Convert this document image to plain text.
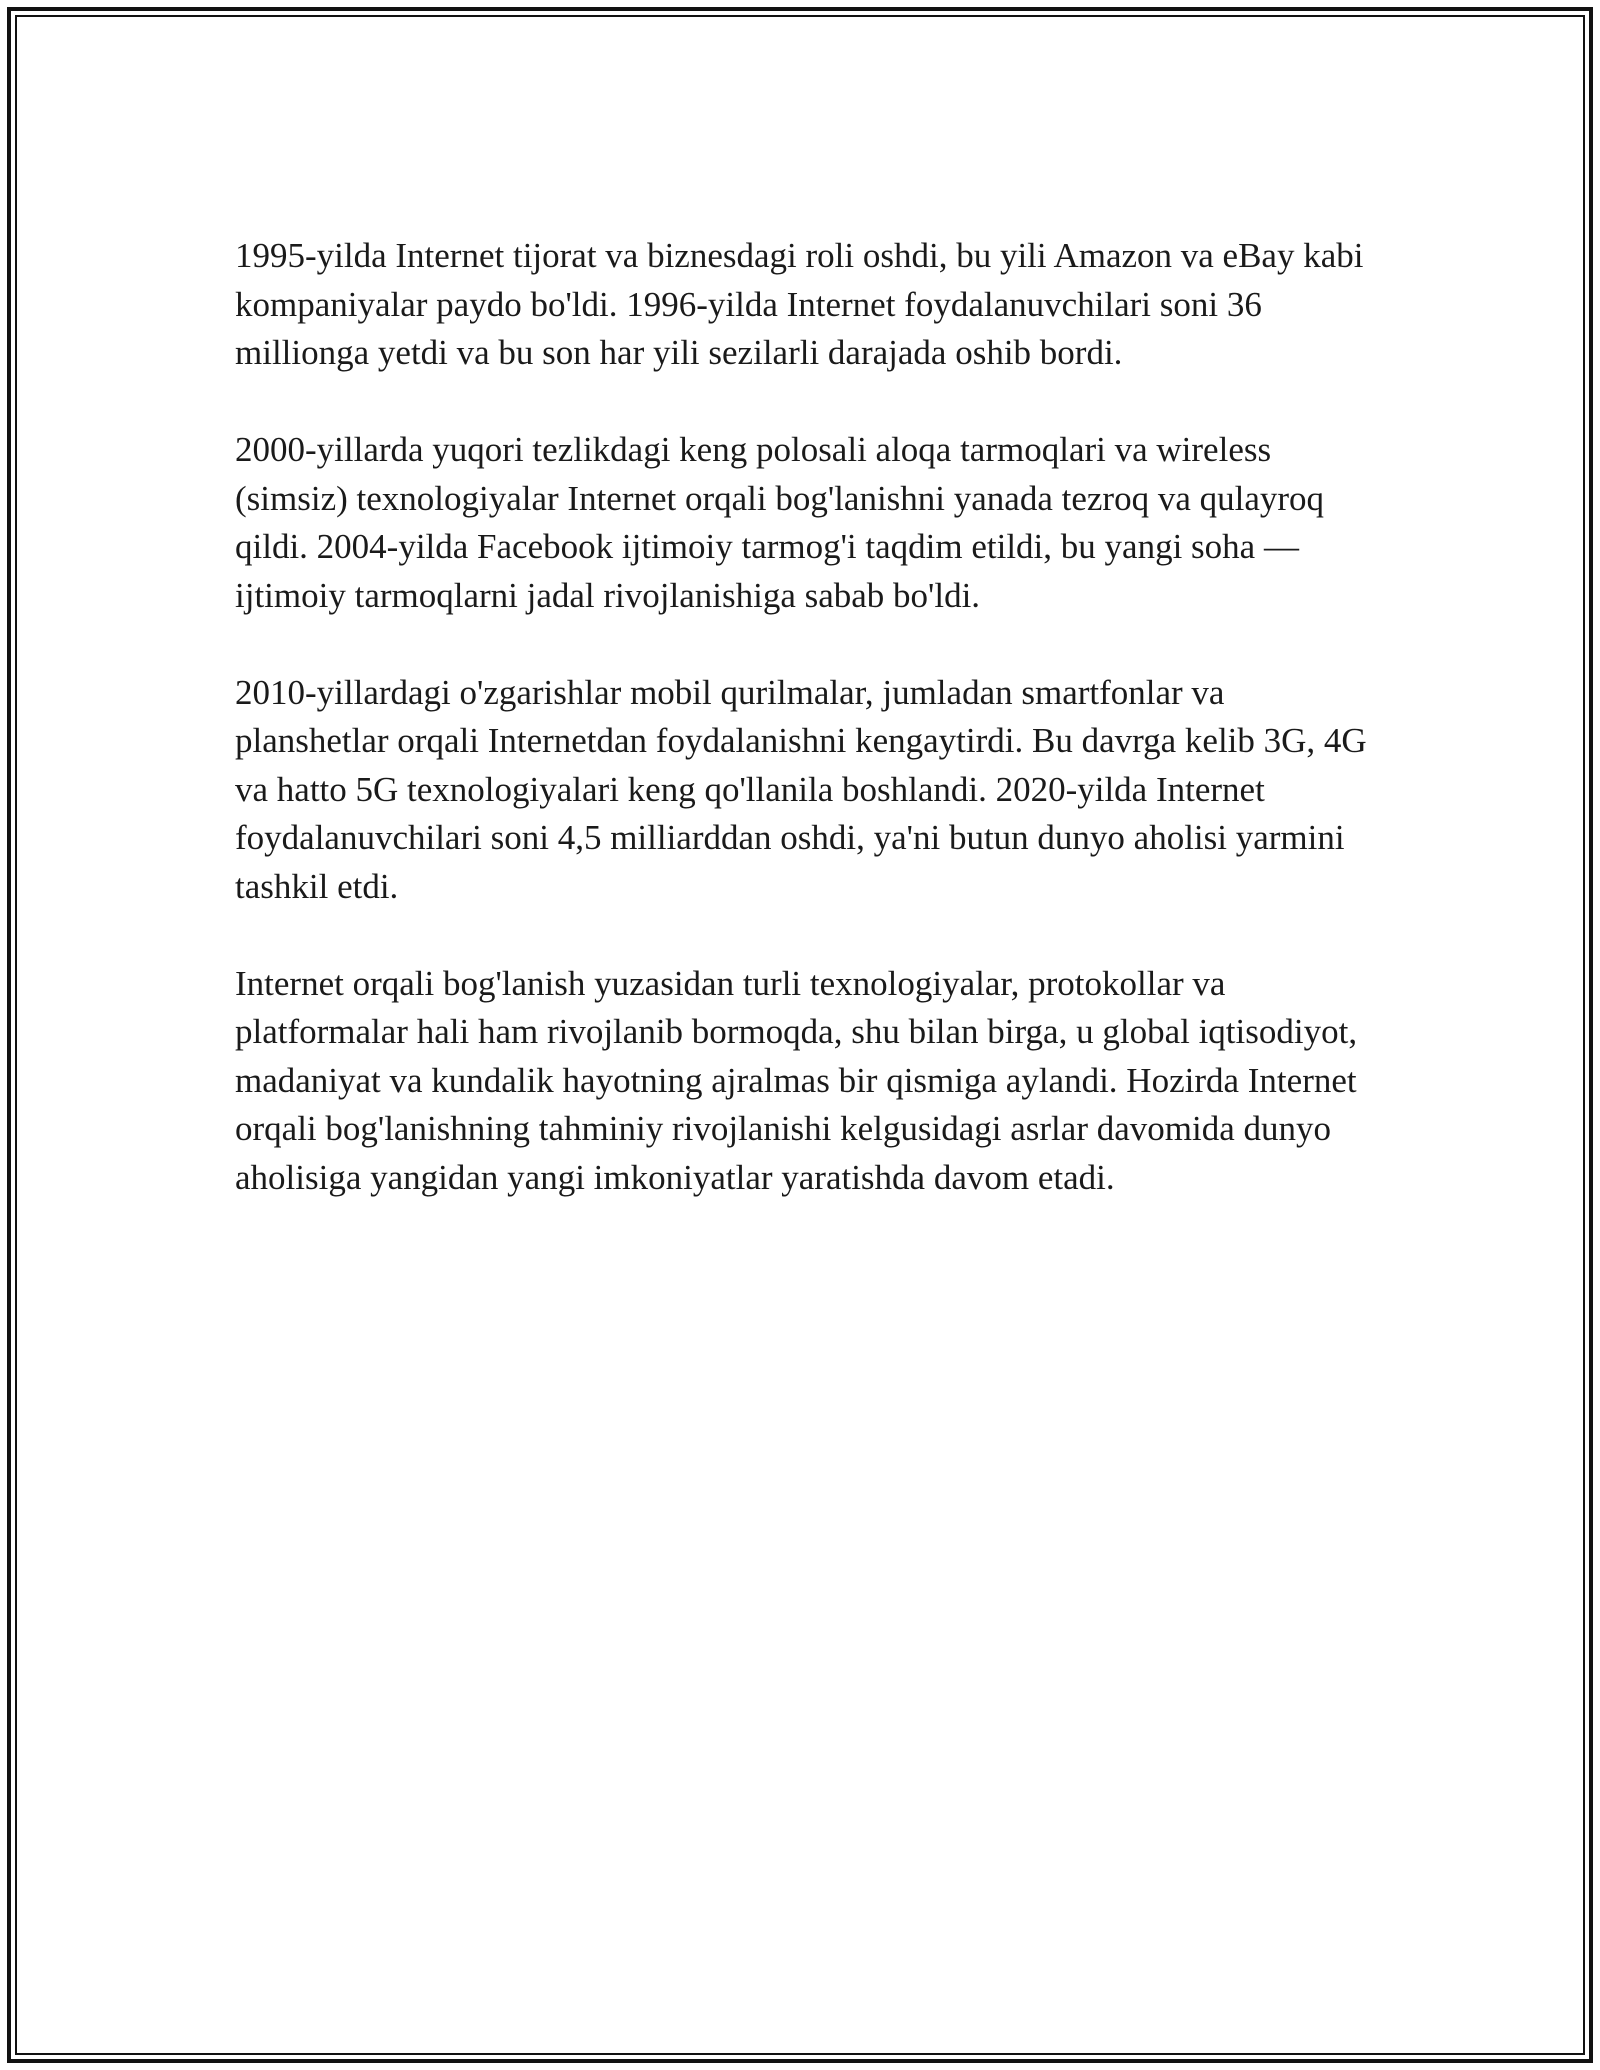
1995-yilda Internet tijorat va biznesdagi roli oshdi, bu yili Amazon va eBay kabi kompaniyalar paydo bo'ldi. 1996-yilda Internet foydalanuvchilari soni 36 millionga yetdi va bu son har yili sezilarli darajada oshib bordi.

2000-yillarda yuqori tezlikdagi keng polosali aloqa tarmoqlari va wireless (simsiz) texnologiyalar Internet orqali bog'lanishni yanada tezroq va qulayroq qildi. 2004-yilda Facebook ijtimoiy tarmog'i taqdim etildi, bu yangi soha — ijtimoiy tarmoqlarni jadal rivojlanishiga sabab bo'ldi.

2010-yillardagi o'zgarishlar mobil qurilmalar, jumladan smartfonlar va planshetlar orqali Internetdan foydalanishni kengaytirdi. Bu davrga kelib 3G, 4G va hatto 5G texnologiyalari keng qo'llanila boshlandi. 2020-yilda Internet foydalanuvchilari soni 4,5 milliarddan oshdi, ya'ni butun dunyo aholisi yarmini tashkil etdi.

Internet orqali bog'lanish yuzasidan turli texnologiyalar, protokollar va platformalar hali ham rivojlanib bormoqda, shu bilan birga, u global iqtisodiyot, madaniyat va kundalik hayotning ajralmas bir qismiga aylandi. Hozirda Internet orqali bog'lanishning tahminiy rivojlanishi kelgusidagi asrlar davomida dunyo aholisiga yangidan yangi imkoniyatlar yaratishda davom etadi.
